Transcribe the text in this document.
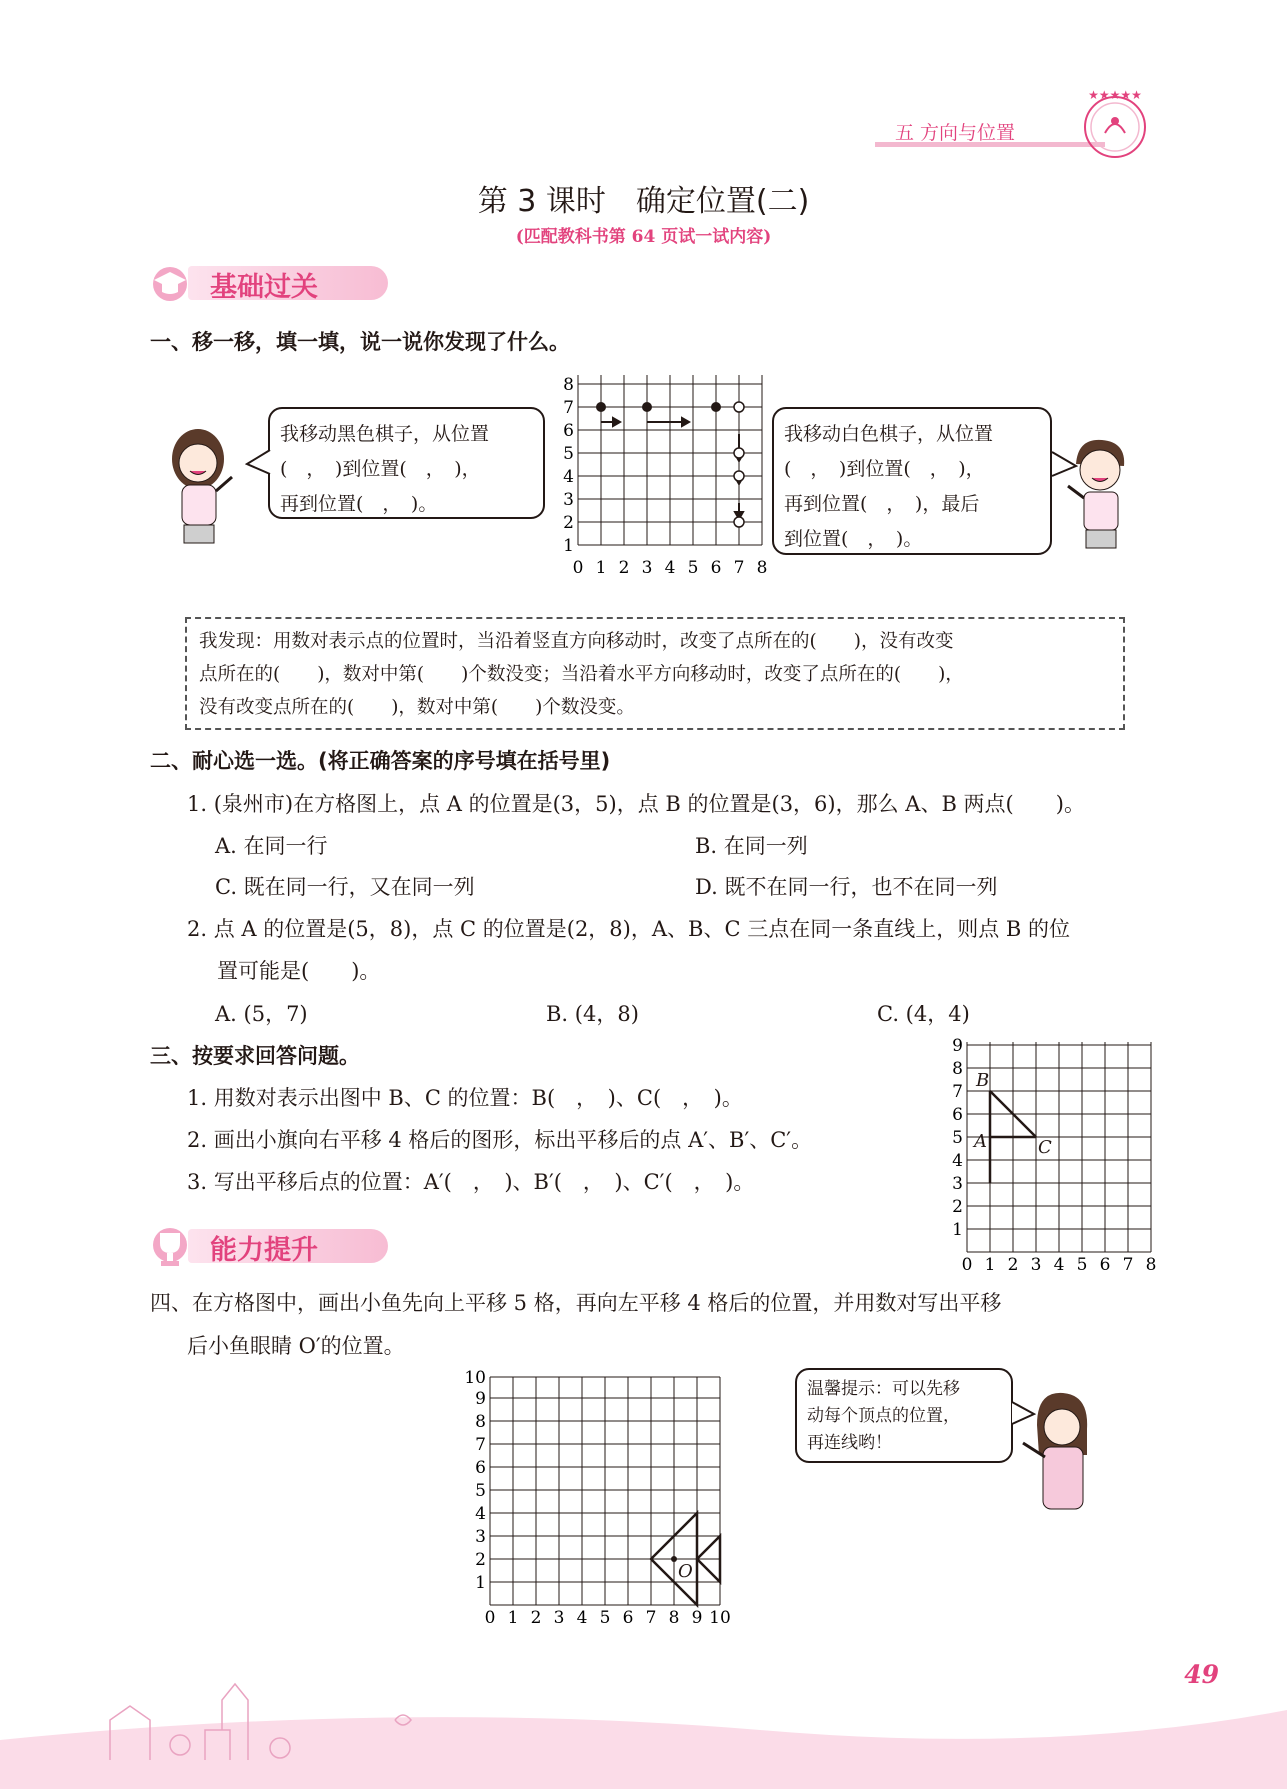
五 方向与位置
★★★★★
第 3 课时　确定位置(二)
(匹配教科书第 64 页试一试内容)
基础过关
一、移一移，填一填，说一说你发现了什么。
我移动黑色棋子，从位置
(　，　)到位置(　，　)，
再到位置(　，　)。
0 1 2 3 4 5 6 7 8
1
2
3
4
5
6
7
8
我移动白色棋子，从位置
(　，　)到位置(　，　)，
再到位置(　，　)，最后
到位置(　，　)。
我发现：用数对表示点的位置时，当沿着竖直方向移动时，改变了点所在的(　　)，没有改变
点所在的(　　)，数对中第(　　)个数没变；当沿着水平方向移动时，改变了点所在的(　　)，
没有改变点所在的(　　)，数对中第(　　)个数没变。
二、耐心选一选。(将正确答案的序号填在括号里)
1. (泉州市)在方格图上，点 A 的位置是(3，5)，点 B 的位置是(3，6)，那么 A、B 两点(　　)。
A. 在同一行	B. 在同一列
C. 既在同一行，又在同一列	D. 既不在同一行，也不在同一列
2. 点 A 的位置是(5，8)，点 C 的位置是(2，8)，A、B、C 三点在同一条直线上，则点 B 的位
置可能是(　　)。
A. (5，7)	B. (4，8)	C. (4，4)
三、按要求回答问题。
1. 用数对表示出图中 B、C 的位置：B(　，　)、C(　，　)。
2. 画出小旗向右平移 4 格后的图形，标出平移后的点 A′、B′、C′。
3. 写出平移后点的位置：A′(　，　)、B′(　，　)、C′(　，　)。
0 1 2 3 4 5 6 7 8
1
2
3
4
5
6
7
8
9
A
B
C
能力提升
四、在方格图中，画出小鱼先向上平移 5 格，再向左平移 4 格后的位置，并用数对写出平移
后小鱼眼睛 O′的位置。
0 1 2 3 4 5 6 7 8 9 10
1
2
3
4
5
6
7
8
9
10
O
温馨提示：可以先移
动每个顶点的位置，
再连线哟！
49
